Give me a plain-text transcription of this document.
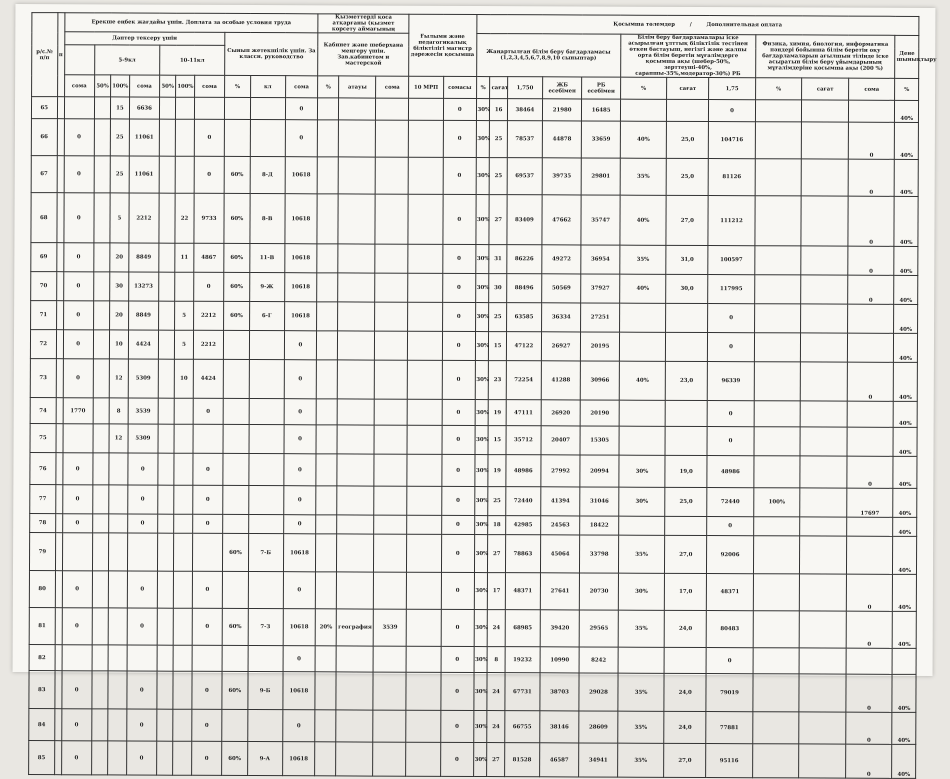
р/с.№ п/п	п	Ерекше еңбек жағдайы үшін. Доплата за особые условия труда										Қызметтерді қоса атқарғаны (қызмет көрсету аймағының			Ғылыми және педагогикалық біліктілігі магистр дәрежесін қосымша		Қосымша төлемдер / Дополнительная оплата											
		Дәптер тексеру үшін							Сынып жетекшілік үшін. За классн. руководство			Кабинет және шеберхана меңгеру үшін. Зав.кабинетом и мастерской					Жаңартылған білім беру бағдарламасы (1,2,3,4,5,6,7,8,9,10 сыныптар)					Білім беру бағдарламалары іске асырылған ұлттық біліктілік тестінен өткен бастауыш, негізгі және жалпы орта білім беретін мұғалімдерге қосымша ақы (шебер-50%, зерттеуші-40%, сарапшы-35%,модератор-30%) РБ			Физика, химия, биология, информатика пәндері бойынша білім беретін оқу бағдарламаларын ағылшын тілінде іске асыратын білім беру ұйымдарының мұғалімдеріне қосымша ақы (200 %)			Дене шынықтыру
			5-9кл			10-11кл																						
		сома	50%	100%	сома	50%	100%	сома	%	кл	сома	%	атауы	сома	10 МРП	сомасы	%	сағат	1,750	ЖБ есебімен	РБ есебімен	%	сағат	1,75	%	сағат	сома	%
65				15	6636						0					0	30%	16	38464	21980	16485			0				40%
66		0		25	11061			0			0					0	30%	25	78537	44878	33659	40%	25,0	104716			0	40%
67		0		25	11061			0	60%	8-Д	10618					0	30%	25	69537	39735	29801	35%	25,0	81126			0	40%
68		0		5	2212		22	9733	60%	8-В	10618					0	30%	27	83409	47662	35747	40%	27,0	111212			0	40%
69		0		20	8849		11	4867	60%	11-В	10618					0	30%	31	86226	49272	36954	35%	31,0	100597			0	40%
70		0		30	13273			0	60%	9-Ж	10618					0	30%	30	88496	50569	37927	40%	30,0	117995			0	40%
71		0		20	8849		5	2212	60%	6-Г	10618					0	30%	25	63585	36334	27251			0				40%
72		0		10	4424		5	2212			0					0	30%	15	47122	26927	20195			0				40%
73		0		12	5309		10	4424			0					0	30%	23	72254	41288	30966	40%	23,0	96339			0	40%
74		1770		8	3539			0			0					0	30%	19	47111	26920	20190			0				40%
75				12	5309						0					0	30%	15	35712	20407	15305			0				40%
76		0			0			0			0					0	30%	19	48986	27992	20994	30%	19,0	48986			0	40%
77		0			0			0			0					0	30%	25	72440	41394	31046	30%	25,0	72440	100%		17697	40%
78		0			0			0			0					0	30%	18	42985	24563	18422			0				40%
79									60%	7-Б	10618					0	30%	27	78863	45064	33798	35%	27,0	92006				40%
80		0			0			0			0					0	30%	17	48371	27641	20730	30%	17,0	48371			0	40%
81		0			0			0	60%	7-З	10618	20%	география	3539		0	30%	24	68985	39420	29565	35%	24,0	80483			0	40%
82											0					0	30%	8	19232	10990	8242			0				
83		0			0			0	60%	9-Б	10618					0	30%	24	67731	38703	29028	35%	24,0	79019			0	40%
84		0			0			0			0					0	30%	24	66755	38146	28609	35%	24,0	77881			0	40%
85		0			0			0	60%	9-А	10618					0	30%	27	81528	46587	34941	35%	27,0	95116			0	40%
